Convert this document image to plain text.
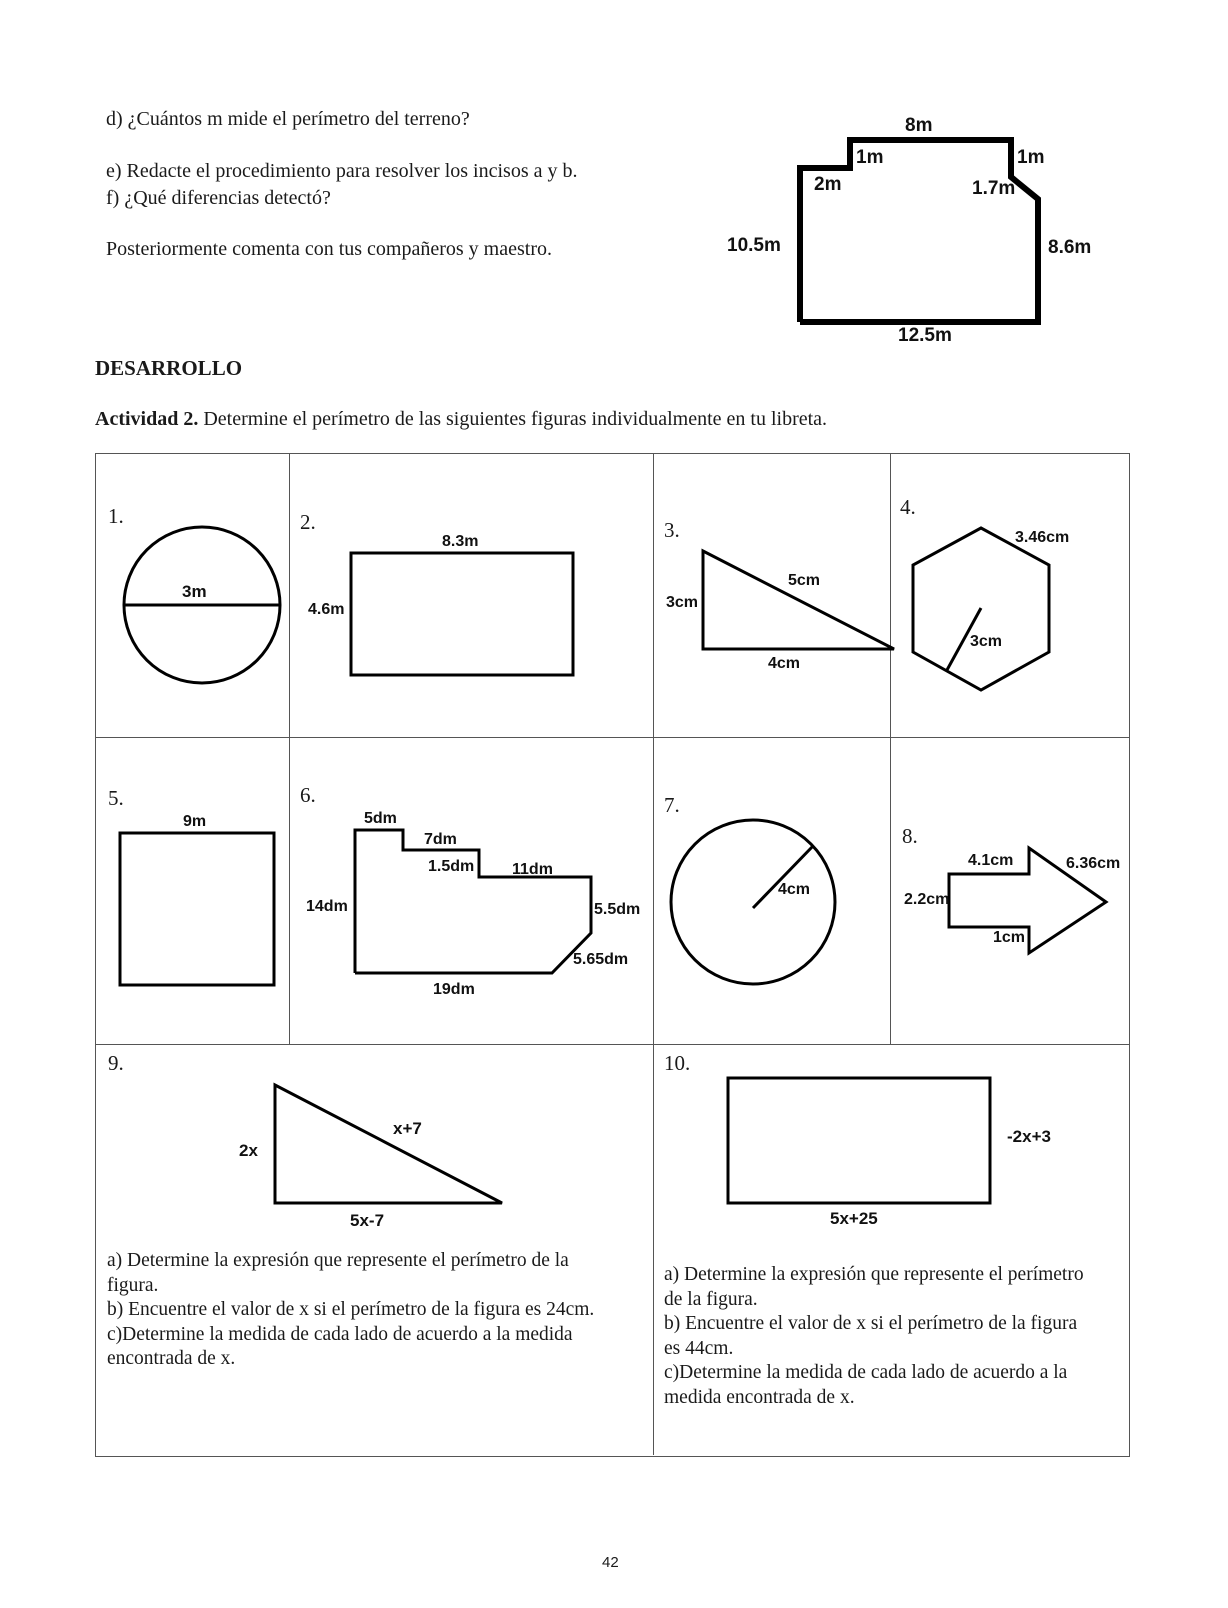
d) ¿Cuántos m mide el perímetro del terreno?
e) Redacte el procedimiento para resolver los incisos a y b.
f) ¿Qué diferencias detectó?
Posteriormente comenta con tus compañeros y maestro.
8m
1m	1m
2m	1.7m
10.5m	8.6m
12.5m
DESARROLLO
Actividad 2. Determine el perímetro de las siguientes figuras individualmente en tu libreta.
1.
3m
2.
8.3m
4.6m
3.
5cm
3cm
4cm
4.
3.46cm
3cm
5.
9m
6.
5dm
7dm
1.5dm 11dm
14dm	5.5dm
5.65dm
19dm
7.
4cm
8.
4.1cm	6.36cm
2.2cm
1cm
9.
x+7
2x
5x-7
a) Determine la expresión que represente el perímetro de la
figura.
b) Encuentre el valor de x si el perímetro de la figura es 24cm.
c)Determine la medida de cada lado de acuerdo a la medida
encontrada de x.
10.
-2x+3
5x+25
a) Determine la expresión que represente el perímetro
de la figura.
b) Encuentre el valor de x si el perímetro de la figura
es 44cm.
c)Determine la medida de cada lado de acuerdo a la
medida encontrada de x.
42
